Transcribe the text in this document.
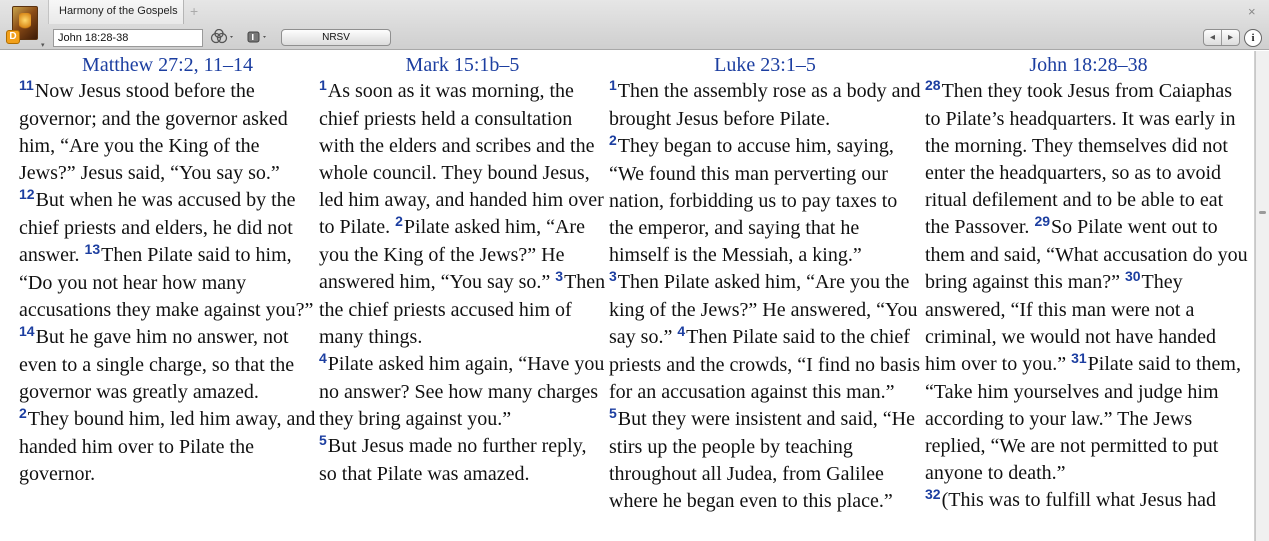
D
▾
Harmony of the Gospels +	×
John 18:28-38
NRSV	◂	▸	i
Matthew 27:2, 11–14
$^{11}$Now Jesus stood before the governor; and the governor asked him, “Are you the King of the Jews?” Jesus said, “You say so.”
$^{12}$But when he was accused by the chief priests and elders, he did not answer. $^{13}$Then Pilate said to him, “Do you not hear how many accusations they make against you?” $^{14}$But he gave him no answer, not even to a single charge, so that the governor was greatly amazed.
$^2$They bound him, led him away, and handed him over to Pilate the governor.
Mark 15:1b–5
$^1$As soon as it was morning, the chief priests held a consultation with the elders and scribes and the whole council. They bound Jesus, led him away, and handed him over to Pilate. $^2$Pilate asked him, “Are you the King of the Jews?” He answered him, “You say so.” $^3$Then the chief priests accused him of many things.
$^4$Pilate asked him again, “Have you no answer? See how many charges they bring against you.”
$^5$But Jesus made no further reply, so that Pilate was amazed.
Luke 23:1–5
$^1$Then the assembly rose as a body and brought Jesus before Pilate.
$^2$They began to accuse him, saying, “We found this man perverting our nation, forbidding us to pay taxes to the emperor, and saying that he himself is the Messiah, a king.”
$^3$Then Pilate asked him, “Are you the king of the Jews?” He answered, “You say so.” $^4$Then Pilate said to the chief priests and the crowds, “I find no basis for an accusation against this man.” $^5$But they were insistent and said, “He stirs up the people by teaching throughout all Judea, from Galilee where he began even to this place.”
John 18:28–38
$^{28}$Then they took Jesus from Caiaphas to Pilate’s headquarters. It was early in the morning. They themselves did not enter the headquarters, so as to avoid ritual defilement and to be able to eat the Passover. $^{29}$So Pilate went out to them and said, “What accusation do you bring against this man?” $^{30}$They answered, “If this man were not a criminal, we would not have handed him over to you.” $^{31}$Pilate said to them, “Take him yourselves and judge him according to your law.” The Jews replied, “We are not permitted to put anyone to death.”
$^{32}$(This was to fulfill what Jesus had
